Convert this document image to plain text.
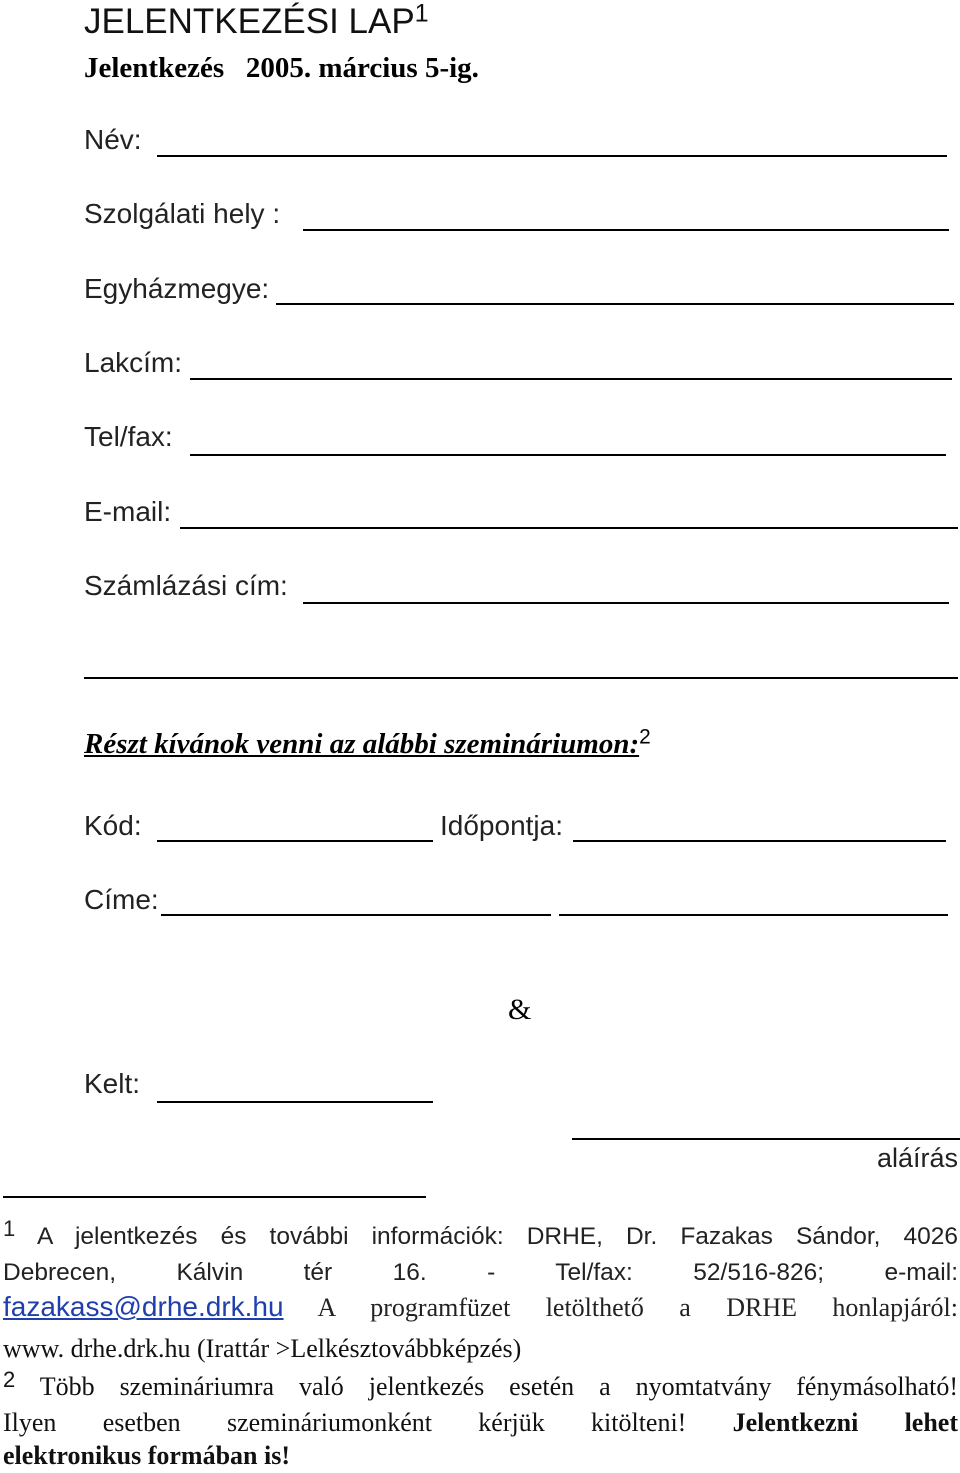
JELENTKEZÉSI LAP$^1$
Jelentkezés   2005. március 5-ig.
Név:
Szolgálati hely :
Egyházmegye:
Lakcím:
Tel/fax:
E-mail:
Számlázási cím:
Részt kívánok venni az alábbi szemináriumon:$^2$
Kód:	Időpontja:
Címe:
&
Kelt:
aláírás
$^1$ A jelentkezés és további információk: DRHE, Dr. Fazakas Sándor, 4026
Debrecen, Kálvin tér 16. - Tel/fax: 52/516-826; e-mail:
fazakass@drhe.drk.hu A programfüzet letölthető a DRHE honlapjáról:
www. drhe.drk.hu (Irattár >Lelkésztovábbképzés)
$^2$ Több szemináriumra való jelentkezés esetén a nyomtatvány fénymásolható!
Ilyen esetben szemináriumonként kérjük kitölteni! Jelentkezni lehet
elektronikus formában is!
